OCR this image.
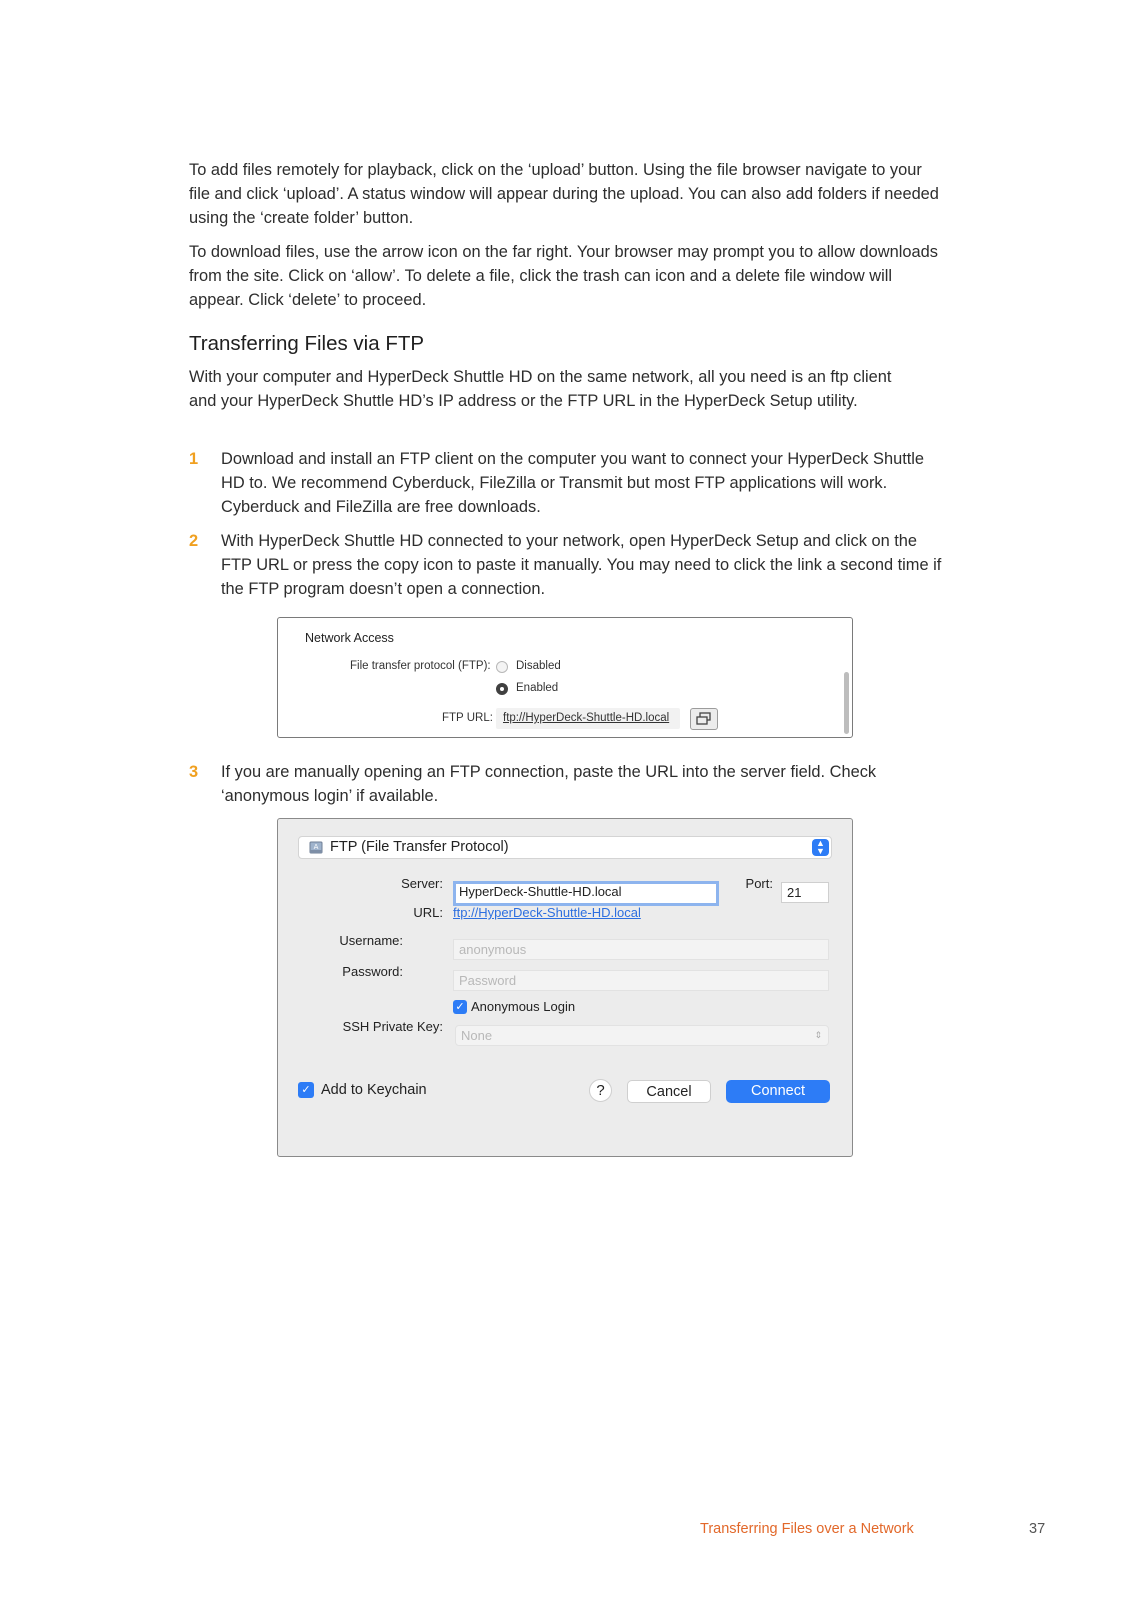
To add files remotely for playback, click on the ‘upload’ button. Using the file browser navigate to your file and click ‘upload’. A status window will appear during the upload. You can also add folders if needed using the ‘create folder’ button.

To download files, use the arrow icon on the far right. Your browser may prompt you to allow downloads from the site. Click on ‘allow’. To delete a file, click the trash can icon and a delete file window will appear. Click ‘delete’ to proceed.

Transferring Files via FTP

With your computer and HyperDeck Shuttle HD on the same network, all you need is an ftp client and your HyperDeck Shuttle HD’s IP address or the FTP URL in the HyperDeck Setup utility.

1 Download and install an FTP client on the computer you want to connect your HyperDeck Shuttle HD to. We recommend Cyberduck, FileZilla or Transmit but most FTP applications will work. Cyberduck and FileZilla are free downloads.
2 With HyperDeck Shuttle HD connected to your network, open HyperDeck Setup and click on the FTP URL or press the copy icon to paste it manually. You may need to click the link a second time if the FTP program doesn’t open a connection.
Network Access
File transfer protocol (FTP): Disabled
Enabled
FTP URL: ftp://HyperDeck-Shuttle-HD.local
3 If you are manually opening an FTP connection, paste the URL into the server field. Check ‘anonymous login’ if available.
A FTP (File Transfer Protocol)	▲
▼
Server:
HyperDeck-Shuttle-HD.local
Port:
21
URL: ftp://HyperDeck-Shuttle-HD.local
Username:
anonymous
Password:
Password
✓ Anonymous Login
SSH Private Key:
None	⇕
✓ Add to Keychain	?	Cancel	Connect
Transferring Files over a Network	37
